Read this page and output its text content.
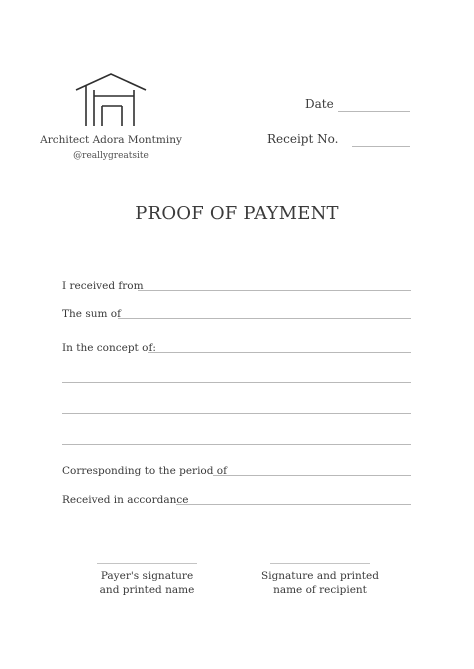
Architect Adora Montminy
@reallygreatsite
Date
Receipt No.
PROOF OF PAYMENT
I received from
The sum of
In the concept of:
Corresponding to the period of
Received in accordance
Payer's signature
and printed name
Signature and printed
name of recipient
